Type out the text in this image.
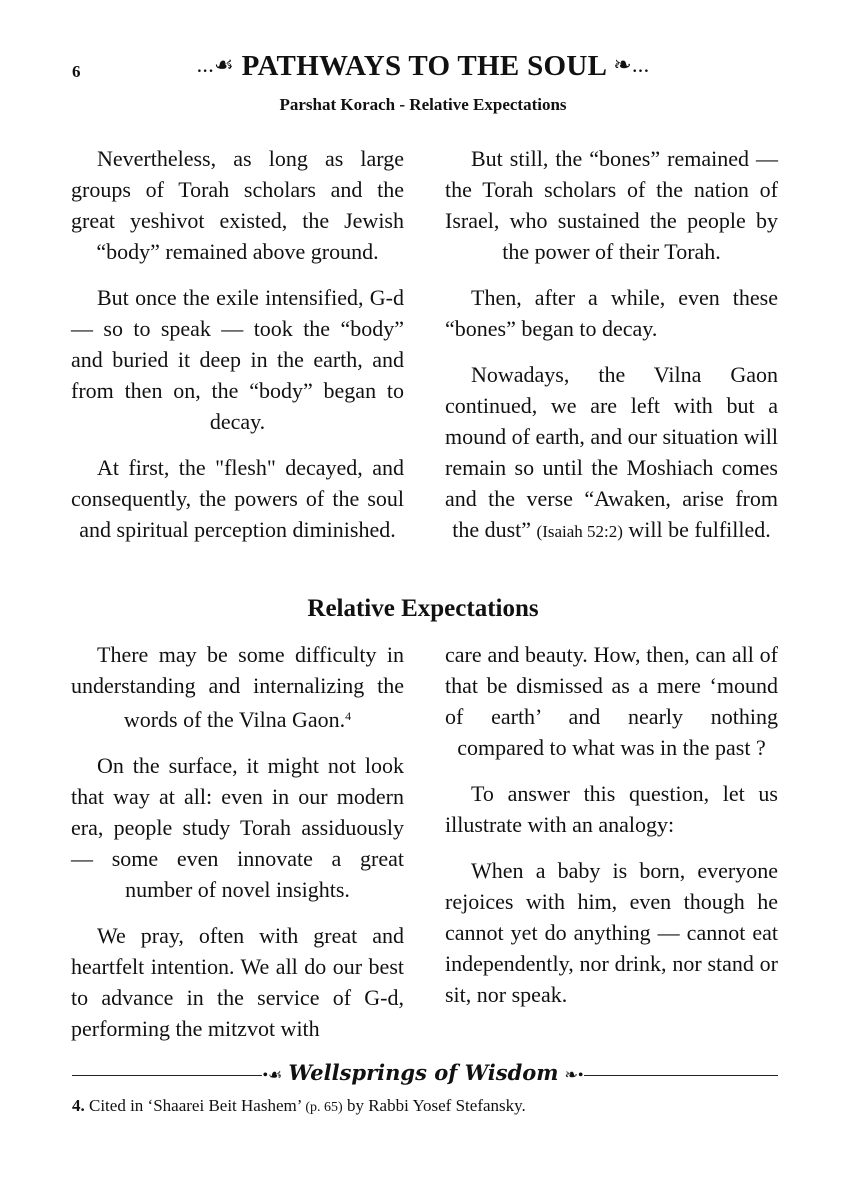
6	...⁠☙ PATHWAYS TO THE SOUL ❧...
Parshat Korach - Relative Expectations

Nevertheless, as long as large groups of Torah scholars and the great yeshivot existed, the Jewish “body” remained above ground.

But once the exile intensified, G-d — so to speak — took the “body” and buried it deep in the earth, and from then on, the “body” began to decay.

At first, the "flesh" decayed, and consequently, the powers of the soul and spiritual perception diminished.

But still, the “bones” remained — the Torah scholars of the nation of Israel, who sustained the people by the power of their Torah.

Then, after a while, even these “bones” began to decay.

Nowadays, the Vilna Gaon continued, we are left with but a mound of earth, and our situation will remain so until the Moshiach comes and the verse “Awaken, arise from the dust” (Isaiah 52:2) will be fulfilled.

Relative Expectations

There may be some difficulty in understanding and internalizing the words of the Vilna Gaon.$^4$

On the surface, it might not look that way at all: even in our modern era, people study Torah assiduously — some even innovate a great number of novel insights.

We pray, often with great and heartfelt intention. We all do our best to advance in the service of G-d, performing the mitzvot with

care and beauty. How, then, can all of that be dismissed as a mere ‘mound of earth’ and nearly nothing compared to what was in the past ?

To answer this question, let us illustrate with an analogy:

When a baby is born, everyone rejoices with him, even though he cannot yet do anything — cannot eat independently, nor drink, nor stand or sit, nor speak.

⁠•☙ Wellsprings of Wisdom ❧•
4. Cited in ‘Shaarei Beit Hashem’ (p. 65) by Rabbi Yosef Stefansky.
